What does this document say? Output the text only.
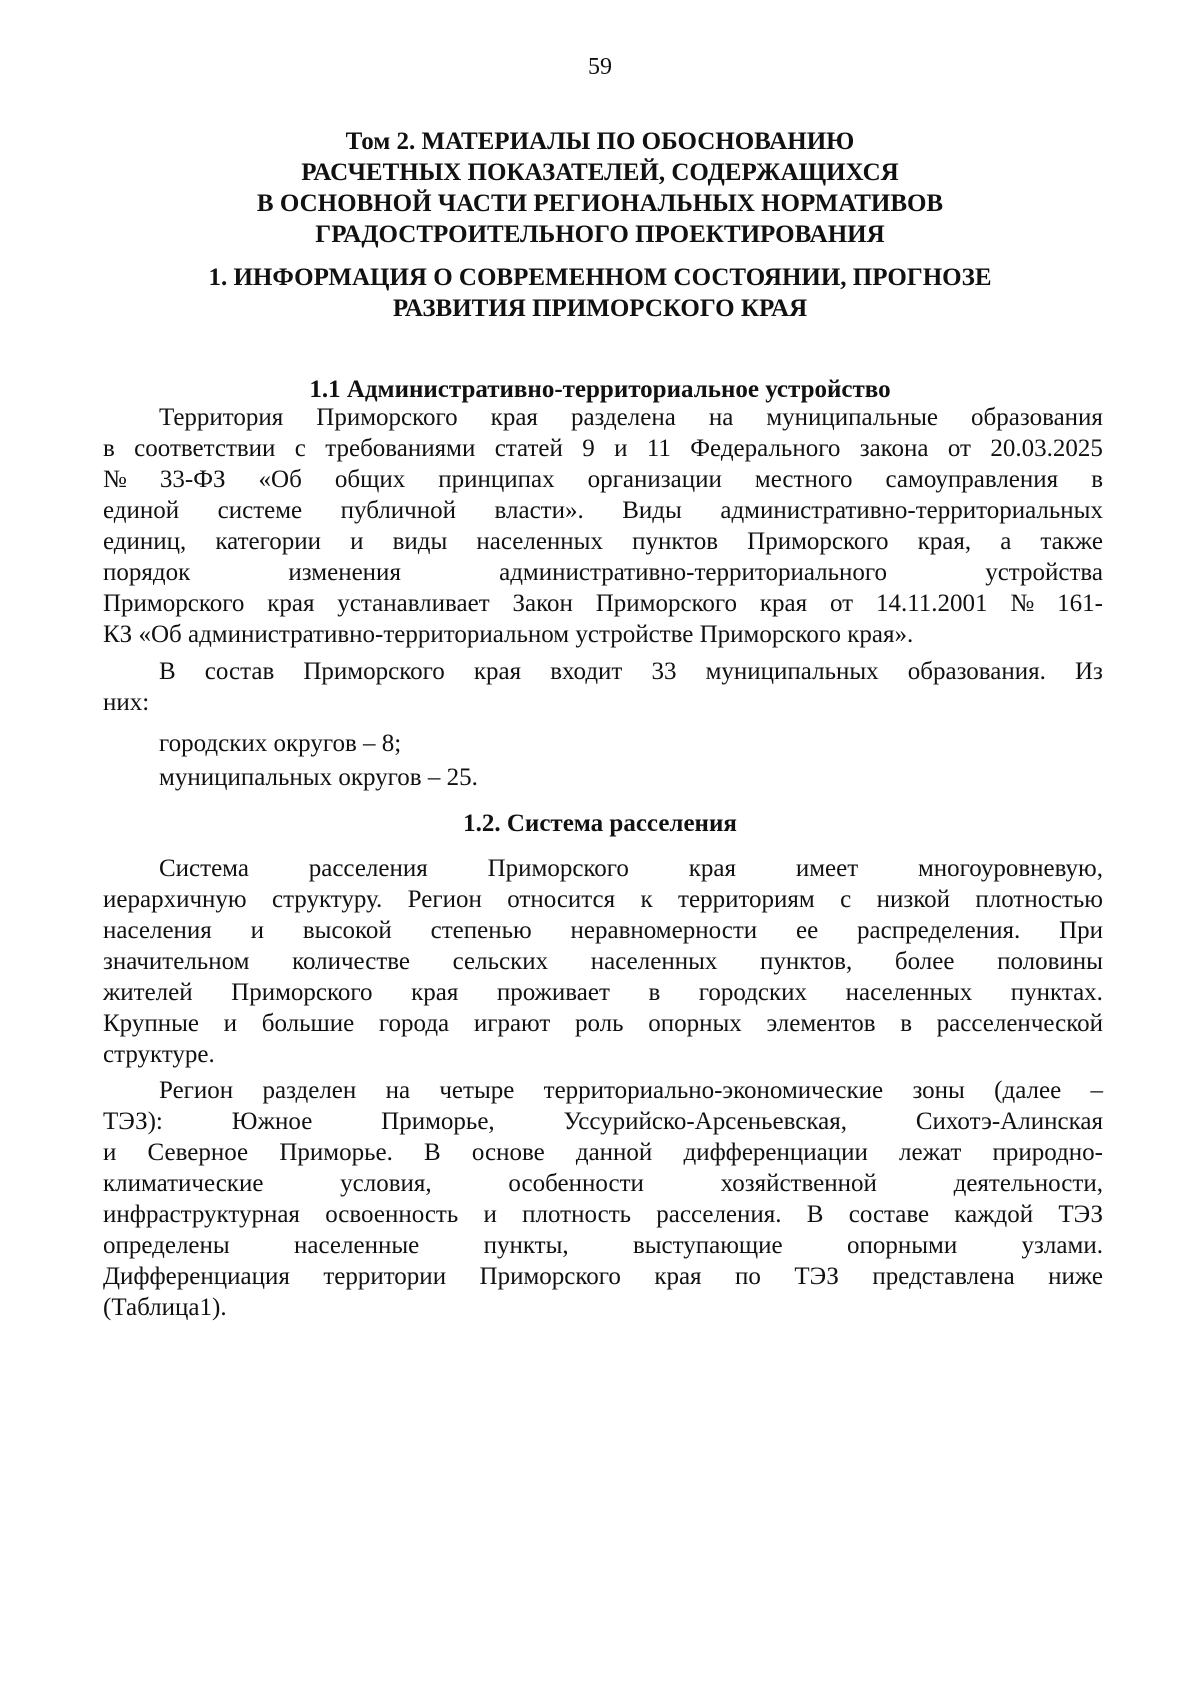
59
Том 2. МАТЕРИАЛЫ ПО ОБОСНОВАНИЮ
РАСЧЕТНЫХ ПОКАЗАТЕЛЕЙ, СОДЕРЖАЩИХСЯ
В ОСНОВНОЙ ЧАСТИ РЕГИОНАЛЬНЫХ НОРМАТИВОВ
ГРАДОСТРОИТЕЛЬНОГО ПРОЕКТИРОВАНИЯ
1. ИНФОРМАЦИЯ О СОВРЕМЕННОМ СОСТОЯНИИ, ПРОГНОЗЕ
РАЗВИТИЯ ПРИМОРСКОГО КРАЯ
1.1 Административно-территориальное устройство
Территория Приморского края разделена на муниципальные образования
в соответствии с требованиями статей 9 и 11 Федерального закона от 20.03.2025
№ 33-ФЗ «Об общих принципах организации местного самоуправления в
единой системе публичной власти». Виды административно-территориальных
единиц, категории и виды населенных пунктов Приморского края, а также
порядок	изменения	административно-территориального	устройства
Приморского края устанавливает Закон Приморского края от 14.11.2001 № 161-
КЗ «Об административно-территориальном устройстве Приморского края».
В состав Приморского края входит 33 муниципальных образования. Из
них:
городских округов – 8;
муниципальных округов – 25.
1.2. Система расселения
Система расселения Приморского края имеет многоуровневую,
иерархичную структуру. Регион относится к территориям с низкой плотностью
населения и высокой степенью неравномерности ее распределения. При
значительном количестве сельских населенных пунктов, более половины
жителей Приморского края проживает в городских населенных пунктах.
Крупные и большие города играют роль опорных элементов в расселенческой
структуре.
Регион разделен на четыре территориально-экономические зоны (далее –
ТЭЗ):	Южное	Приморье,	Уссурийско-Арсеньевская,	Сихотэ-Алинская
и Северное Приморье. В основе данной дифференциации лежат природно-
климатические	условия,	особенности	хозяйственной	деятельности,
инфраструктурная освоенность и плотность расселения. В составе каждой ТЭЗ
определены	населенные	пункты,	выступающие	опорными	узлами.
Дифференциация территории Приморского края по ТЭЗ представлена ниже
(Таблица1).
